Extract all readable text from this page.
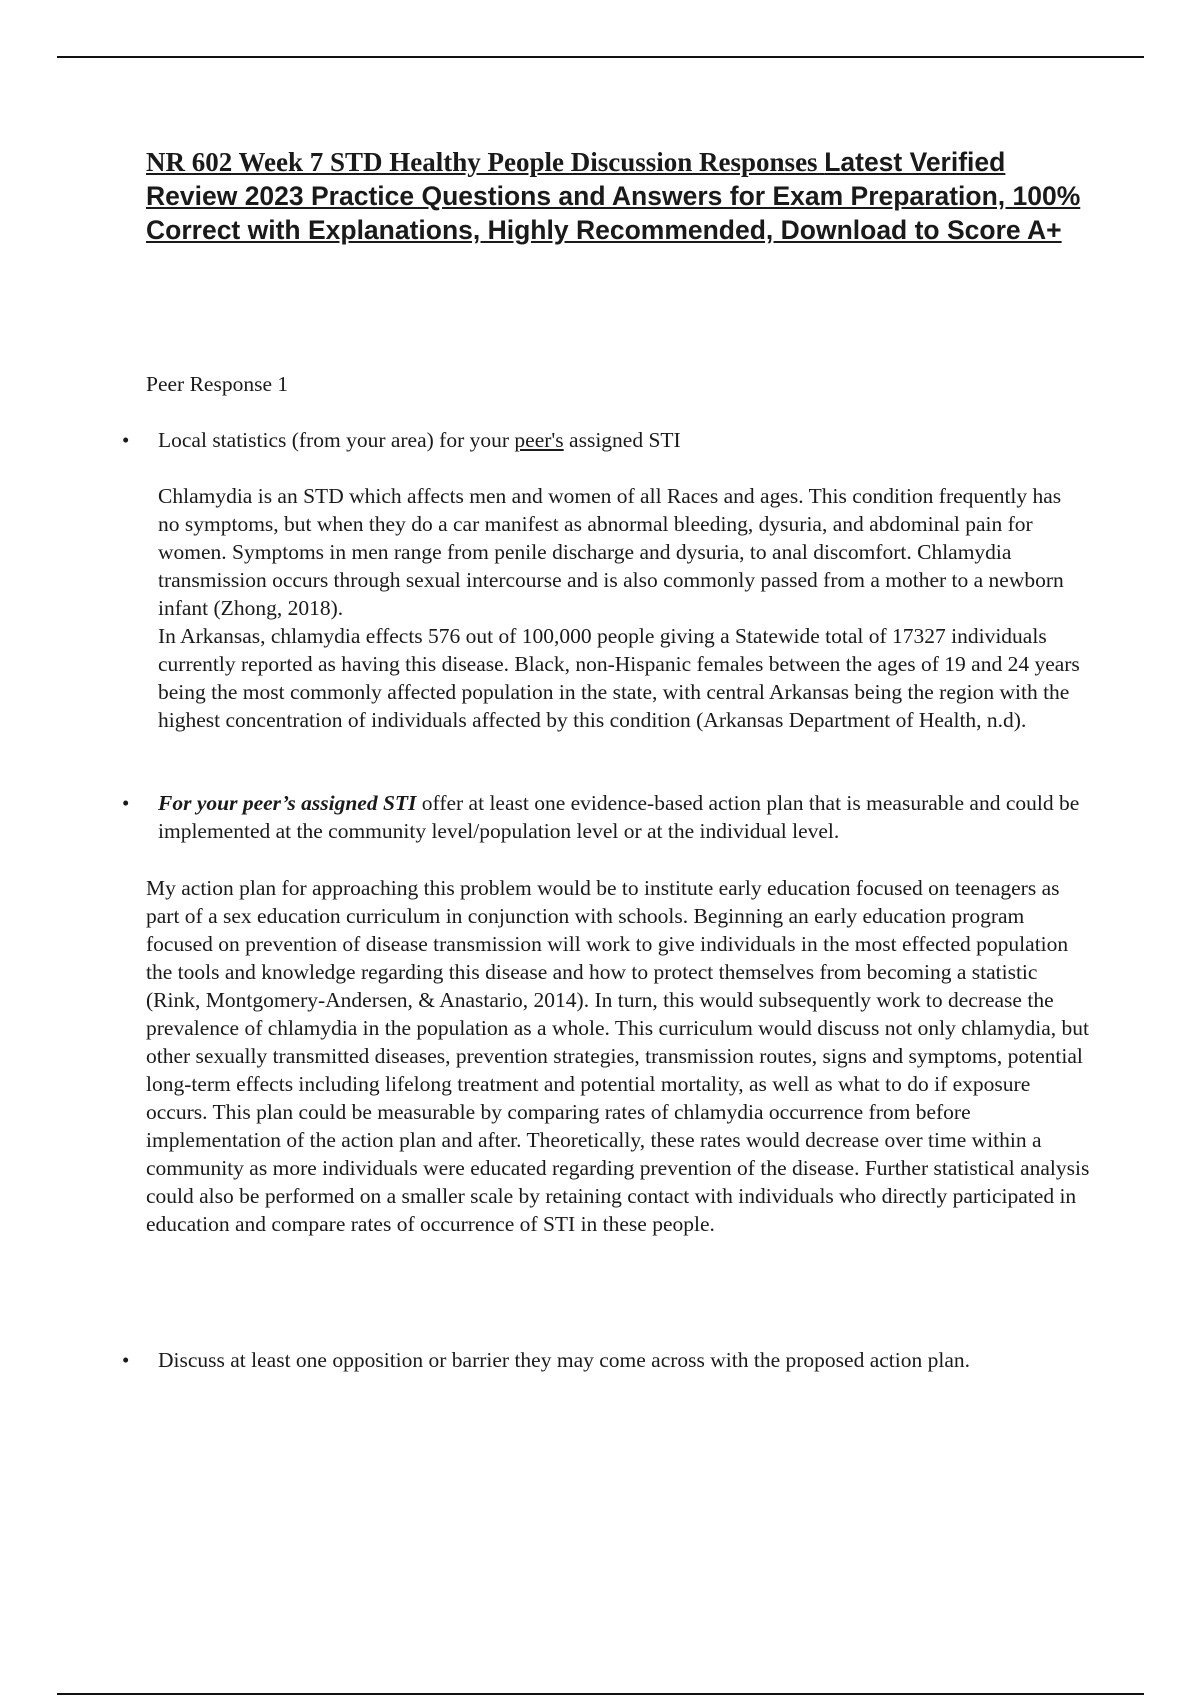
NR 602 Week 7 STD Healthy People Discussion Responses Latest Verified Review 2023 Practice Questions and Answers for Exam Preparation, 100% Correct with Explanations, Highly Recommended, Download to Score A+

Peer Response 1

• Local statistics (from your area) for your peer's assigned STI

Chlamydia is an STD which affects men and women of all Races and ages. This condition frequently has no symptoms, but when they do a car manifest as abnormal bleeding, dysuria, and abdominal pain for women. Symptoms in men range from penile discharge and dysuria, to anal discomfort. Chlamydia transmission occurs through sexual intercourse and is also commonly passed from a mother to a newborn infant (Zhong, 2018).

In Arkansas, chlamydia effects 576 out of 100,000 people giving a Statewide total of 17327 individuals currently reported as having this disease. Black, non-Hispanic females between the ages of 19 and 24 years being the most commonly affected population in the state, with central Arkansas being the region with the highest concentration of individuals affected by this condition (Arkansas Department of Health, n.d).

• For your peer’s assigned STI offer at least one evidence-based action plan that is measurable and could be implemented at the community level/population level or at the individual level.

My action plan for approaching this problem would be to institute early education focused on teenagers as part of a sex education curriculum in conjunction with schools. Beginning an early education program focused on prevention of disease transmission will work to give individuals in the most effected population the tools and knowledge regarding this disease and how to protect themselves from becoming a statistic (Rink, Montgomery-Andersen, & Anastario, 2014). In turn, this would subsequently work to decrease the prevalence of chlamydia in the population as a whole. This curriculum would discuss not only chlamydia, but other sexually transmitted diseases, prevention strategies, transmission routes, signs and symptoms, potential long-term effects including lifelong treatment and potential mortality, as well as what to do if exposure occurs. This plan could be measurable by comparing rates of chlamydia occurrence from before implementation of the action plan and after. Theoretically, these rates would decrease over time within a community as more individuals were educated regarding prevention of the disease. Further statistical analysis could also be performed on a smaller scale by retaining contact with individuals who directly participated in education and compare rates of occurrence of STI in these people.

• Discuss at least one opposition or barrier they may come across with the proposed action plan.
